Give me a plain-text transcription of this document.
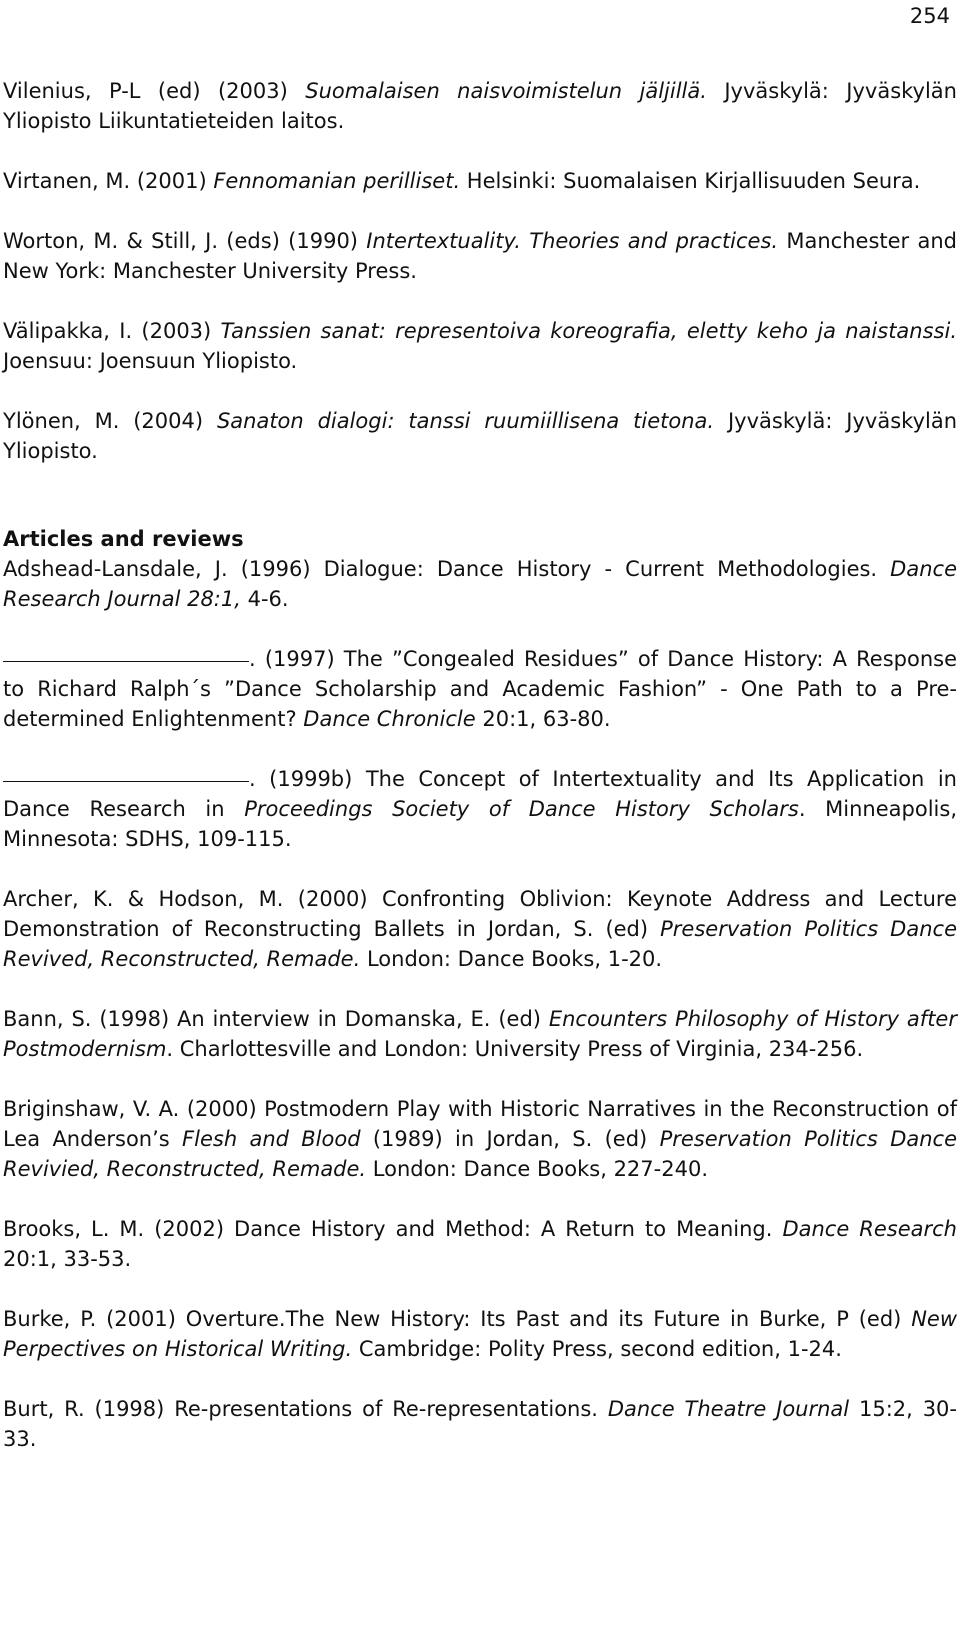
254

Vilenius, P-L (ed) (2003) Suomalaisen naisvoimistelun jäljillä. Jyväskylä: Jyväskylän Yliopisto Liikuntatieteiden laitos.

Virtanen, M. (2001) Fennomanian perilliset. Helsinki: Suomalaisen Kirjallisuuden Seura.

Worton, M. & Still, J. (eds) (1990) Intertextuality. Theories and practices. Manchester and New York: Manchester University Press.

Välipakka, I. (2003) Tanssien sanat: representoiva koreografia, eletty keho ja naistanssi. Joensuu: Joensuun Yliopisto.

Ylönen, M. (2004) Sanaton dialogi: tanssi ruumiillisena tietona. Jyväskylä: Jyväskylän Yliopisto.

Articles and reviews

Adshead-Lansdale, J. (1996) Dialogue: Dance History - Current Methodologies. Dance Research Journal 28:1, 4-6.

. (1997) The ”Congealed Residues” of Dance History: A Response to Richard Ralph´s ”Dance Scholarship and Academic Fashion” - One Path to a Pre-determined Enlightenment? Dance Chronicle 20:1, 63-80.

. (1999b) The Concept of Intertextuality and Its Application in Dance Research in Proceedings Society of Dance History Scholars. Minneapolis, Minnesota: SDHS, 109-115.

Archer, K. & Hodson, M. (2000) Confronting Oblivion: Keynote Address and Lecture Demonstration of Reconstructing Ballets in Jordan, S. (ed) Preservation Politics Dance Revived, Reconstructed, Remade. London: Dance Books, 1-20.

Bann, S. (1998) An interview in Domanska, E. (ed) Encounters Philosophy of History after Postmodernism. Charlottesville and London: University Press of Virginia, 234-256.

Briginshaw, V. A. (2000) Postmodern Play with Historic Narratives in the Reconstruction of Lea Anderson’s Flesh and Blood (1989) in Jordan, S. (ed) Preservation Politics Dance Revivied, Reconstructed, Remade. London: Dance Books, 227-240.

Brooks, L. M. (2002) Dance History and Method: A Return to Meaning. Dance Research 20:1, 33-53.

Burke, P. (2001) Overture.The New History: Its Past and its Future in Burke, P (ed) New Perpectives on Historical Writing. Cambridge: Polity Press, second edition, 1-24.

Burt, R. (1998) Re-presentations of Re-representations. Dance Theatre Journal 15:2, 30-33.
